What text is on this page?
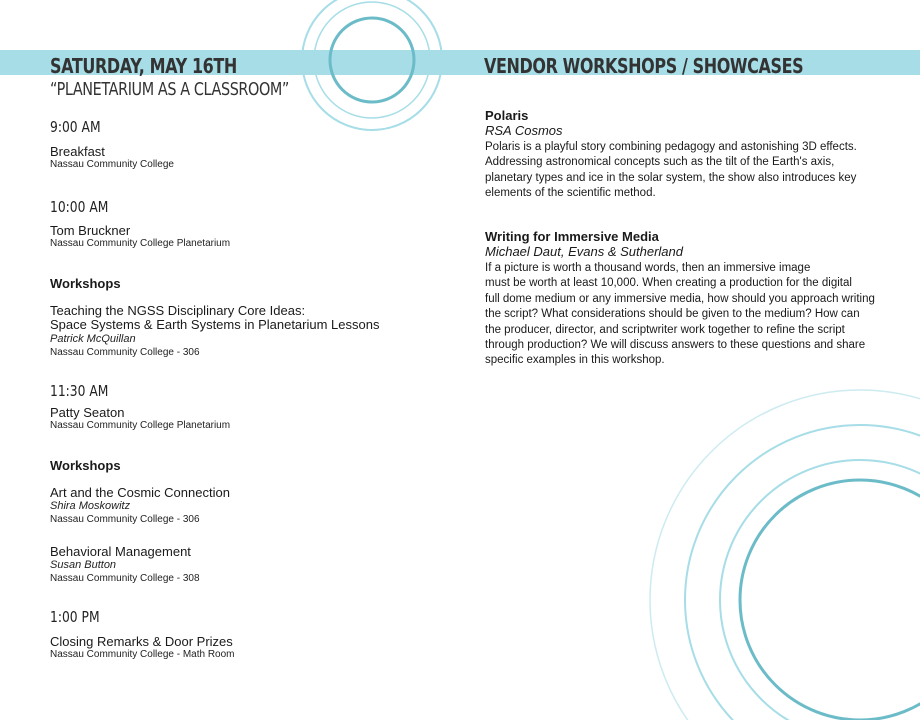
SATURDAY, MAY 16TH
“PLANETARIUM AS A CLASSROOM”
9:00 AM
Breakfast
Nassau Community College
10:00 AM
Tom Bruckner
Nassau Community College Planetarium
Workshops
Teaching the NGSS Disciplinary Core Ideas:
Space Systems & Earth Systems in Planetarium Lessons
Patrick McQuillan
Nassau Community College - 306
11:30 AM
Patty Seaton
Nassau Community College Planetarium
Workshops
Art and the Cosmic Connection
Shira Moskowitz
Nassau Community College - 306
Behavioral Management
Susan Button
Nassau Community College - 308
1:00 PM
Closing Remarks & Door Prizes
Nassau Community College - Math Room
VENDOR WORKSHOPS / SHOWCASES
Polaris
RSA Cosmos
Polaris is a playful story combining pedagogy and astonishing 3D effects.
Addressing astronomical concepts such as the tilt of the Earth's axis,
planetary types and ice in the solar system, the show also introduces key
elements of the scientific method.
Writing for Immersive Media
Michael Daut, Evans & Sutherland
If a picture is worth a thousand words, then an immersive image
must be worth at least 10,000. When creating a production for the digital
full dome medium or any immersive media, how should you approach writing
the script? What considerations should be given to the medium? How can
the producer, director, and scriptwriter work together to refine the script
through production? We will discuss answers to these questions and share
specific examples in this workshop.
